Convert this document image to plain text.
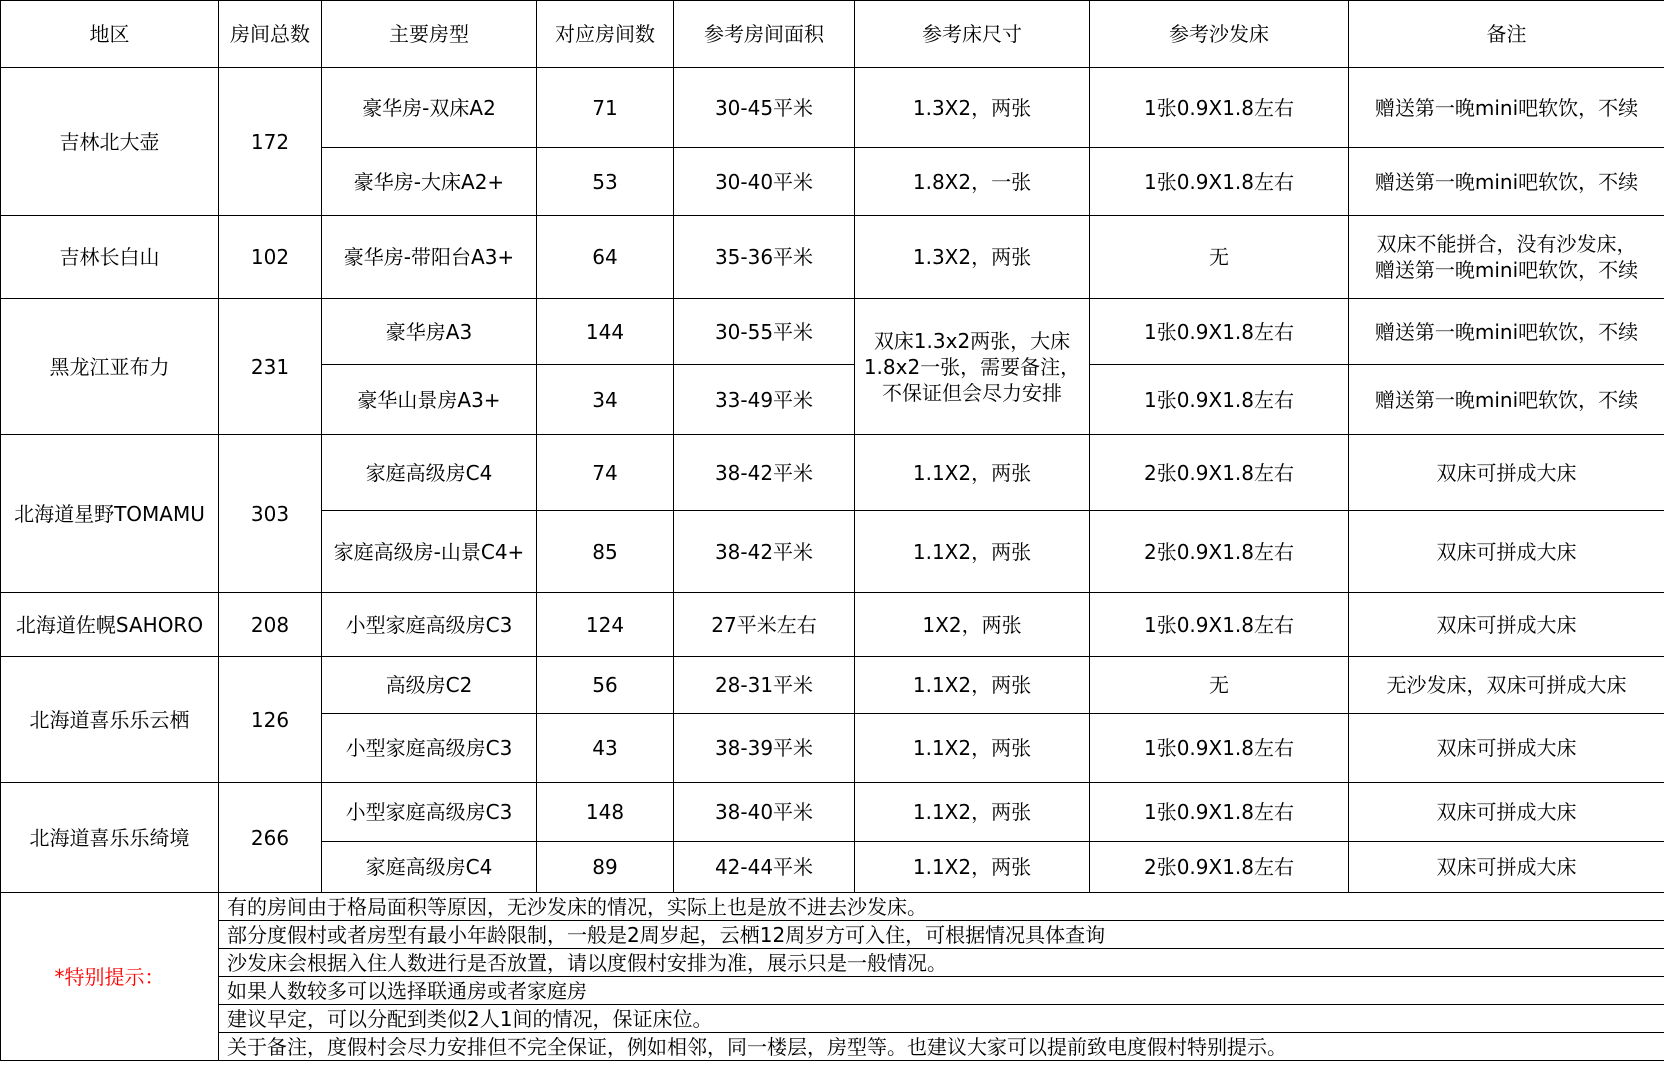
地区	房间总数	主要房型	对应房间数	参考房间面积	参考床尺寸	参考沙发床	备注
吉林北大壶	172	豪华房-双床A2	71	30-45平米	1.3X2，两张	1张0.9X1.8左右	赠送第一晚mini吧软饮，不续
		豪华房-大床A2+	53	30-40平米	1.8X2，一张	1张0.9X1.8左右	赠送第一晚mini吧软饮，不续
吉林长白山	102	豪华房-带阳台A3+	64	35-36平米	1.3X2，两张	无	双床不能拼合，没有沙发床，
赠送第一晚mini吧软饮，不续

黑龙江亚布力	231	豪华房A3	144	30-55平米	双床1.3x2两张，大床
1.8x2一张，需要备注，
不保证但会尽力安排	1张0.9X1.8左右	赠送第一晚mini吧软饮，不续
		豪华山景房A3+	34	33-49平米		1张0.9X1.8左右	赠送第一晚mini吧软饮，不续
北海道星野TOMAMU	303	家庭高级房C4	74	38-42平米	1.1X2，两张	2张0.9X1.8左右	双床可拼成大床
		家庭高级房-山景C4+	85	38-42平米	1.1X2，两张	2张0.9X1.8左右	双床可拼成大床
北海道佐幌SAHORO	208	小型家庭高级房C3	124	27平米左右	1X2，两张	1张0.9X1.8左右	双床可拼成大床
北海道喜乐乐云栖	126	高级房C2	56	28-31平米	1.1X2，两张	无	无沙发床，双床可拼成大床
		小型家庭高级房C3	43	38-39平米	1.1X2，两张	1张0.9X1.8左右	双床可拼成大床
北海道喜乐乐绮境	266	小型家庭高级房C3	148	38-40平米	1.1X2，两张	1张0.9X1.8左右	双床可拼成大床
		家庭高级房C4	89	42-44平米	1.1X2，两张	2张0.9X1.8左右	双床可拼成大床
*特别提示：	有的房间由于格局面积等原因，无沙发床的情况，实际上也是放不进去沙发床。						
	部分度假村或者房型有最小年龄限制，一般是2周岁起，云栖12周岁方可入住，可根据情况具体查询						
	沙发床会根据入住人数进行是否放置，请以度假村安排为准，展示只是一般情况。						
	如果人数较多可以选择联通房或者家庭房						
	建议早定，可以分配到类似2人1间的情况，保证床位。						
	关于备注，度假村会尽力安排但不完全保证，例如相邻，同一楼层，房型等。也建议大家可以提前致电度假村特别提示。						
